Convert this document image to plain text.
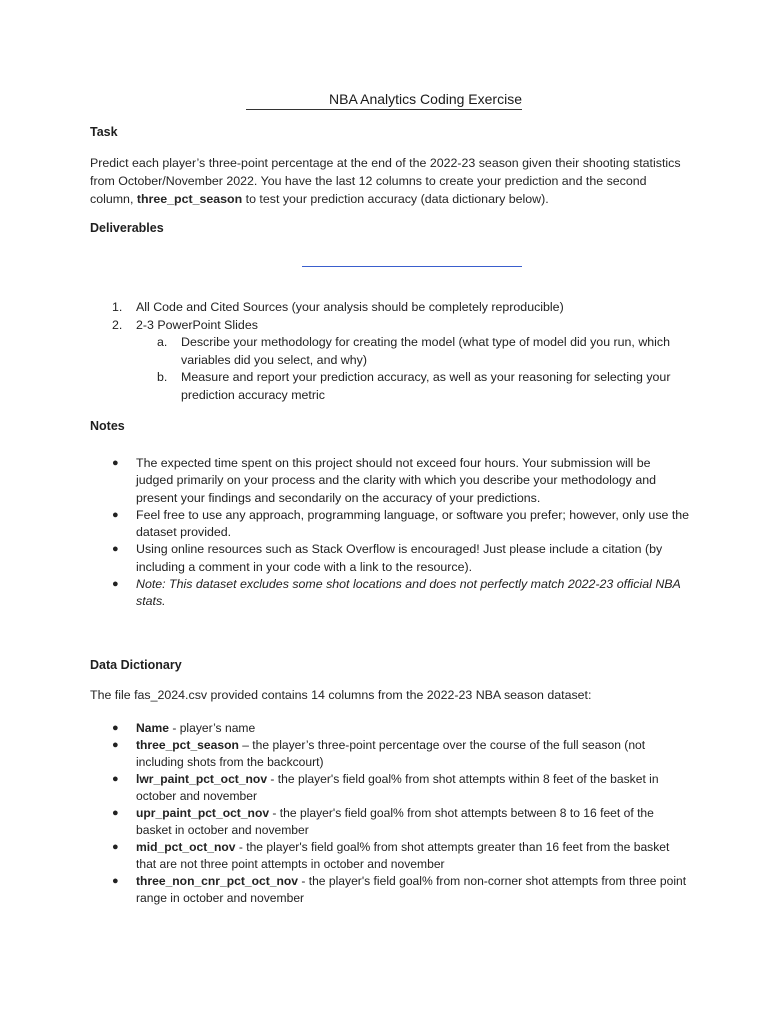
NBA Analytics Coding Exercise
Task
Predict each player’s three-point percentage at the end of the 2022-23 season given their shooting statistics from October/November 2022. You have the last 12 columns to create your prediction and the second column, three_pct_season to test your prediction accuracy (data dictionary below).
Deliverables
1. All Code and Cited Sources (your analysis should be completely reproducible)
2. 2-3 PowerPoint Slides
a. Describe your methodology for creating the model (what type of model did you run, which variables did you select, and why)
b. Measure and report your prediction accuracy, as well as your reasoning for selecting your prediction accuracy metric
Notes
● The expected time spent on this project should not exceed four hours. Your submission will be judged primarily on your process and the clarity with which you describe your methodology and present your findings and secondarily on the accuracy of your predictions.
● Feel free to use any approach, programming language, or software you prefer; however, only use the dataset provided.
● Using online resources such as Stack Overflow is encouraged! Just please include a citation (by including a comment in your code with a link to the resource).
● Note: This dataset excludes some shot locations and does not perfectly match 2022-23 official NBA stats.
Data Dictionary
The file fas_2024.csv provided contains 14 columns from the 2022-23 NBA season dataset:
● Name - player’s name
● three_pct_season – the player’s three-point percentage over the course of the full season (not including shots from the backcourt)
● lwr_paint_pct_oct_nov - the player's field goal% from shot attempts within 8 feet of the basket in october and november
● upr_paint_pct_oct_nov - the player's field goal% from shot attempts between 8 to 16 feet of the basket in october and november
● mid_pct_oct_nov - the player's field goal% from shot attempts greater than 16 feet from the basket that are not three point attempts in october and november
● three_non_cnr_pct_oct_nov - the player's field goal% from non-corner shot attempts from three point range in october and november
